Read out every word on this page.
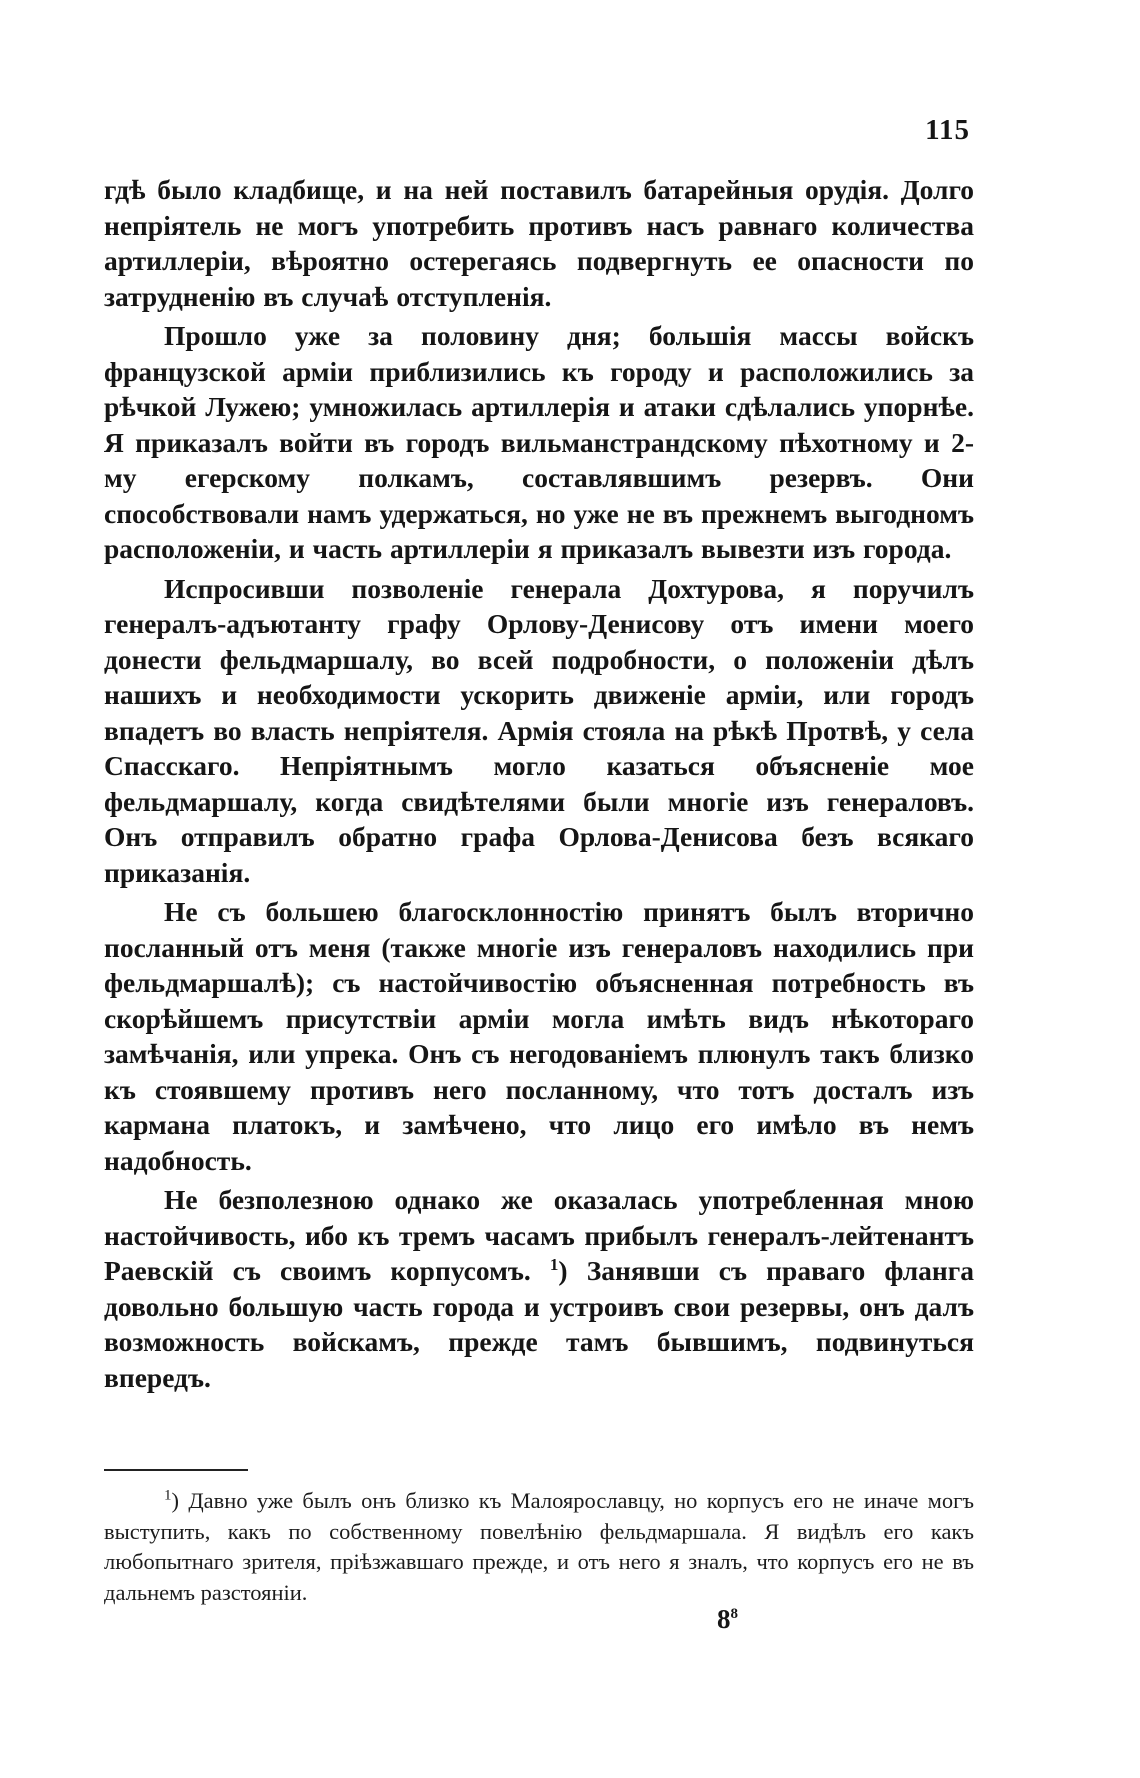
115

гдѣ было кладбище, и на ней поставилъ батарейныя орудія. Долго непріятель не могъ употребить противъ насъ равнаго количества артиллеріи, вѣроятно остерегаясь подвергнуть ее опасности по затрудненію въ случаѣ отступленія.

Прошло уже за половину дня; большія массы войскъ французской арміи приблизились къ городу и расположились за рѣчкой Лужею; умножилась артиллерія и атаки сдѣлались упорнѣе. Я приказалъ войти въ городъ вильманстрандскому пѣхотному и 2-му егерскому полкамъ, составлявшимъ резервъ. Они способствовали намъ удержаться, но уже не въ прежнемъ выгодномъ расположеніи, и часть артиллеріи я приказалъ вывезти изъ города.

Испросивши позволеніе генерала Дохтурова, я поручилъ генералъ-адъютанту графу Орлову-Денисову отъ имени моего донести фельдмаршалу, во всей подробности, о положеніи дѣлъ нашихъ и необходимости ускорить движеніе арміи, или городъ впадетъ во власть непріятеля. Армія стояла на рѣкѣ Протвѣ, у села Спасскаго. Непріятнымъ могло казаться объясненіе мое фельдмаршалу, когда свидѣтелями были многіе изъ генераловъ. Онъ отправилъ обратно графа Орлова-Денисова безъ всякаго приказанія.

Не съ большею благосклонностію принятъ былъ вторично посланный отъ меня (также многіе изъ генераловъ находились при фельдмаршалѣ); съ настойчивостію объясненная потребность въ скорѣйшемъ присутствіи арміи могла имѣть видъ нѣкотораго замѣчанія, или упрека. Онъ съ негодованіемъ плюнулъ такъ близко къ стоявшему противъ него посланному, что тотъ досталъ изъ кармана платокъ, и замѣчено, что лицо его имѣло въ немъ надобность.

Не безполезною однако же оказалась употребленная мною настойчивость, ибо къ тремъ часамъ прибылъ генералъ-лейтенантъ Раевскій съ своимъ корпусомъ. $^1$) Занявши съ праваго фланга довольно большую часть города и устроивъ свои резервы, онъ далъ возможность войскамъ, прежде тамъ бывшимъ, подвинуться впередъ.

$^1$) Давно уже былъ онъ близко къ Малоярославцу, но корпусъ его не иначе могъ выступить, какъ по собственному повелѣнію фельдмаршала. Я видѣлъ его какъ любопытнаго зрителя, пріѣзжавшаго прежде, и отъ него я зналъ, что корпусъ его не въ дальнемъ разстояніи.

$8^8$
